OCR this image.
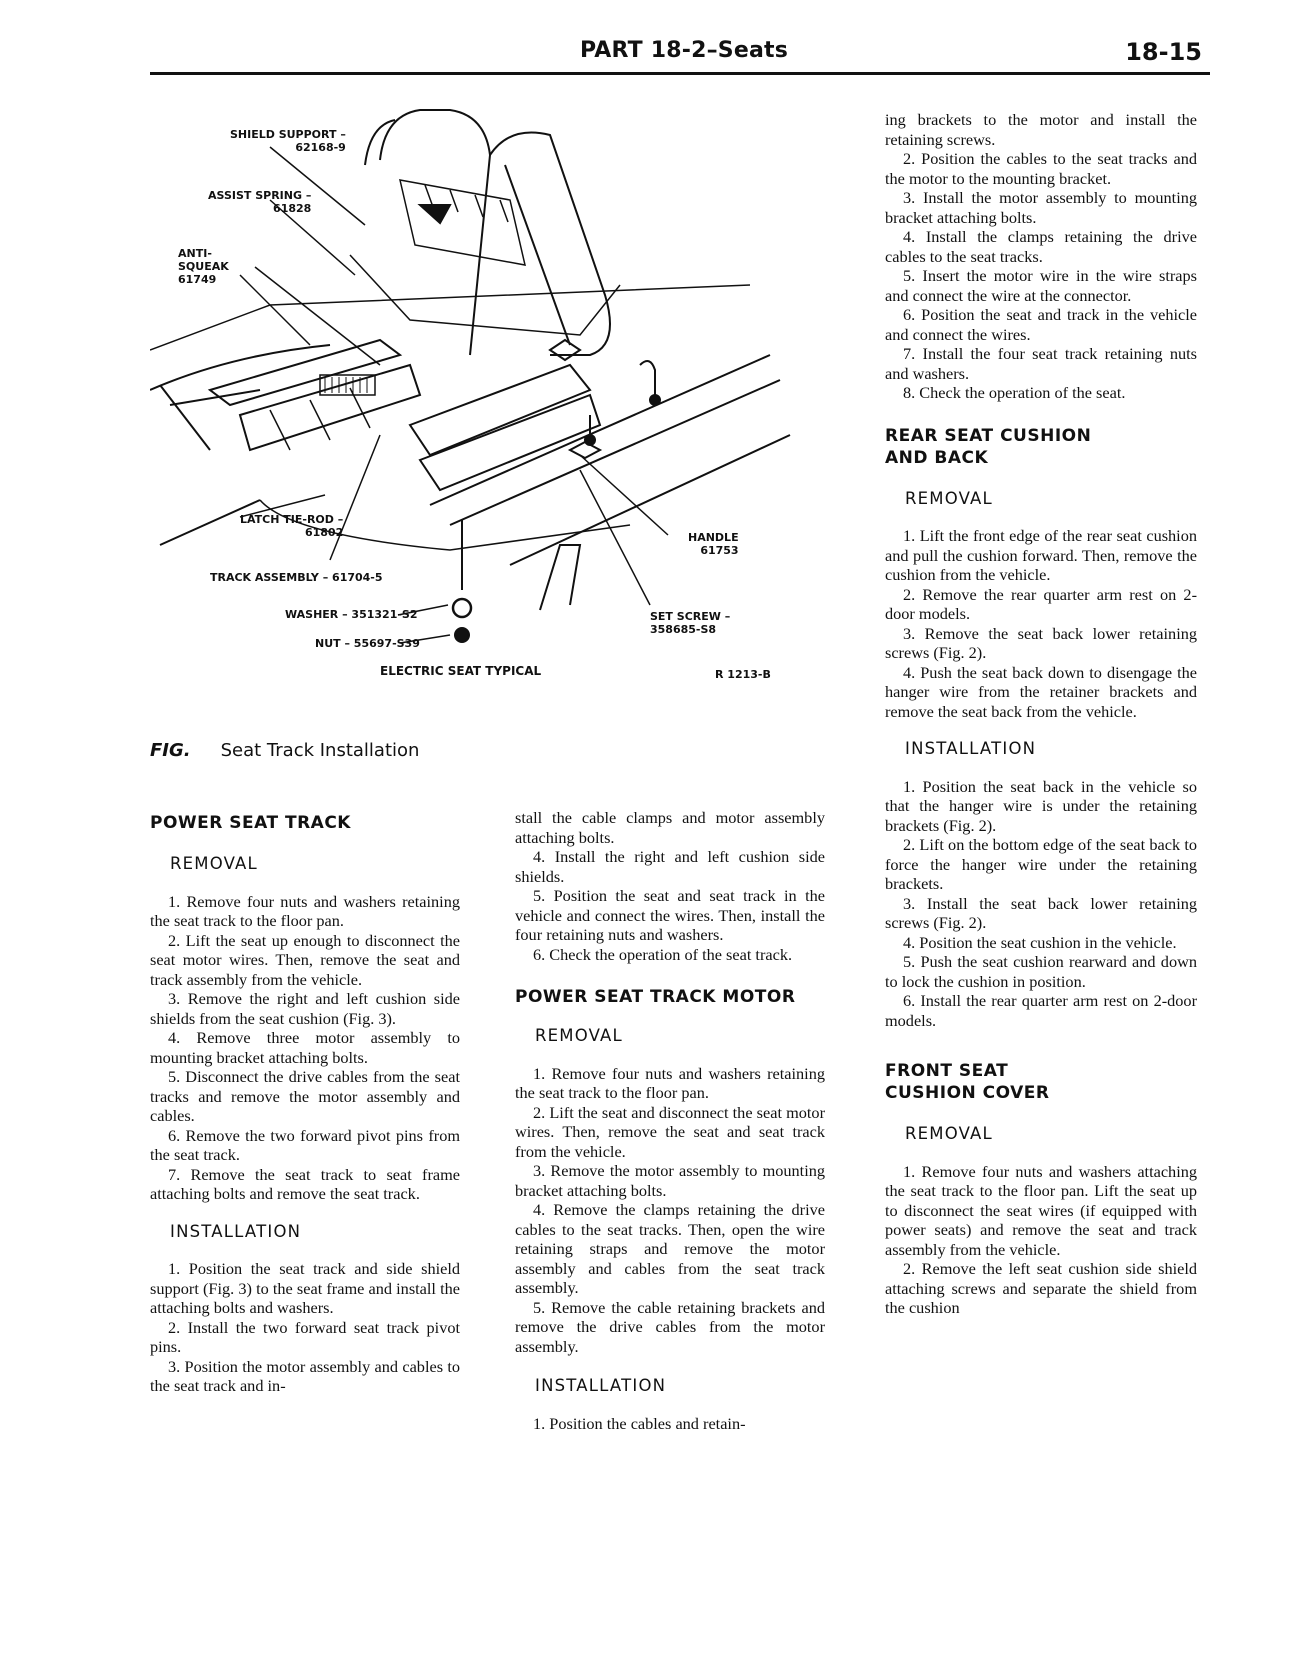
PART 18-2–Seats	18-15
SHIELD SUPPORT –
62168-9
ASSIST SPRING –
61828
ANTI-
SQUEAK
61749
LATCH TIE-ROD –
61802
TRACK ASSEMBLY – 61704-5
WASHER – 351321-S2
NUT – 55697-S39
HANDLE
61753
SET SCREW –
358685-S8
ELECTRIC SEAT TYPICAL	R 1213-B
FIG. Seat Track Installation
POWER SEAT TRACK
REMOVAL

1. Remove four nuts and washers retaining the seat track to the floor pan.

2. Lift the seat up enough to disconnect the seat motor wires. Then, remove the seat and track assembly from the vehicle.

3. Remove the right and left cushion side shields from the seat cushion (Fig. 3).

4. Remove three motor assembly to mounting bracket attaching bolts.

5. Disconnect the drive cables from the seat tracks and remove the motor assembly and cables.

6. Remove the two forward pivot pins from the seat track.

7. Remove the seat track to seat frame attaching bolts and remove the seat track.

INSTALLATION

1. Position the seat track and side shield support (Fig. 3) to the seat frame and install the attaching bolts and washers.

2. Install the two forward seat track pivot pins.

3. Position the motor assembly and cables to the seat track and in-

stall the cable clamps and motor assembly attaching bolts.

4. Install the right and left cushion side shields.

5. Position the seat and seat track in the vehicle and connect the wires. Then, install the four retaining nuts and washers.

6. Check the operation of the seat track.

POWER SEAT TRACK MOTOR
REMOVAL

1. Remove four nuts and washers retaining the seat track to the floor pan.

2. Lift the seat and disconnect the seat motor wires. Then, remove the seat and seat track from the vehicle.

3. Remove the motor assembly to mounting bracket attaching bolts.

4. Remove the clamps retaining the drive cables to the seat tracks. Then, open the wire retaining straps and remove the motor assembly and cables from the seat track assembly.

5. Remove the cable retaining brackets and remove the drive cables from the motor assembly.

INSTALLATION

1. Position the cables and retain-

ing brackets to the motor and install the retaining screws.

2. Position the cables to the seat tracks and the motor to the mounting bracket.

3. Install the motor assembly to mounting bracket attaching bolts.

4. Install the clamps retaining the drive cables to the seat tracks.

5. Insert the motor wire in the wire straps and connect the wire at the connector.

6. Position the seat and track in the vehicle and connect the wires.

7. Install the four seat track retaining nuts and washers.

8. Check the operation of the seat.

REAR SEAT CUSHION
AND BACK
REMOVAL

1. Lift the front edge of the rear seat cushion and pull the cushion forward. Then, remove the cushion from the vehicle.

2. Remove the rear quarter arm rest on 2-door models.

3. Remove the seat back lower retaining screws (Fig. 2).

4. Push the seat back down to disengage the hanger wire from the retainer brackets and remove the seat back from the vehicle.

INSTALLATION

1. Position the seat back in the vehicle so that the hanger wire is under the retaining brackets (Fig. 2).

2. Lift on the bottom edge of the seat back to force the hanger wire under the retaining brackets.

3. Install the seat back lower retaining screws (Fig. 2).

4. Position the seat cushion in the vehicle.

5. Push the seat cushion rearward and down to lock the cushion in position.

6. Install the rear quarter arm rest on 2-door models.

FRONT SEAT
CUSHION COVER
REMOVAL

1. Remove four nuts and washers attaching the seat track to the floor pan. Lift the seat up to disconnect the seat wires (if equipped with power seats) and remove the seat and track assembly from the vehicle.

2. Remove the left seat cushion side shield attaching screws and separate the shield from the cushion
